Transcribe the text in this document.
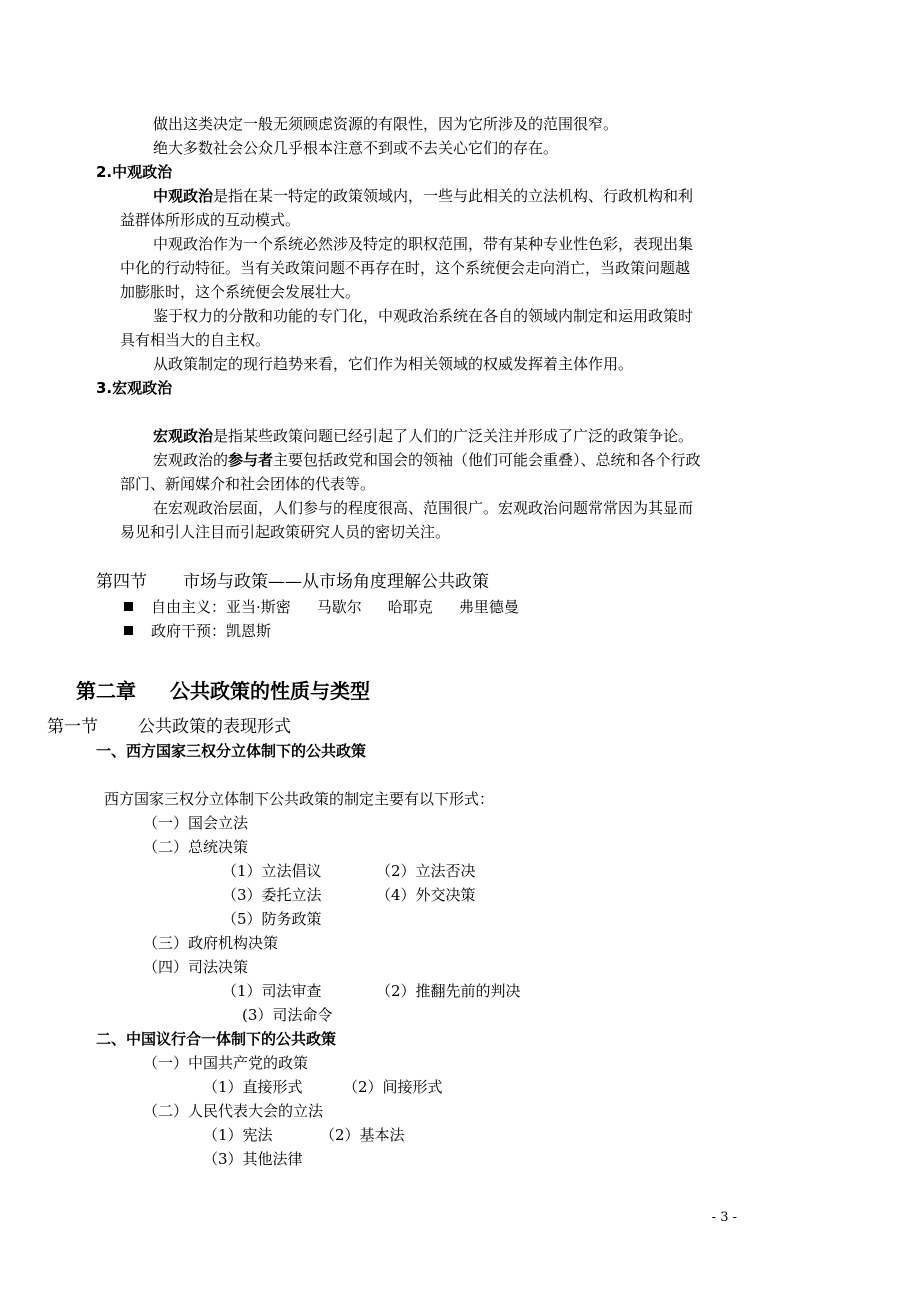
做出这类决定一般无须顾虑资源的有限性，因为它所涉及的范围很窄。
绝大多数社会公众几乎根本注意不到或不去关心它们的存在。
2.中观政治
中观政治是指在某一特定的政策领域内，一些与此相关的立法机构、行政机构和利
益群体所形成的互动模式。
中观政治作为一个系统必然涉及特定的职权范围，带有某种专业性色彩，表现出集
中化的行动特征。当有关政策问题不再存在时，这个系统便会走向消亡，当政策问题越
加膨胀时，这个系统便会发展壮大。
鉴于权力的分散和功能的专门化，中观政治系统在各自的领域内制定和运用政策时
具有相当大的自主权。
从政策制定的现行趋势来看，它们作为相关领域的权威发挥着主体作用。
3.宏观政治
宏观政治是指某些政策问题已经引起了人们的广泛关注并形成了广泛的政策争论。
宏观政治的参与者主要包括政党和国会的领袖（他们可能会重叠）、总统和各个行政
部门、新闻媒介和社会团体的代表等。
在宏观政治层面，人们参与的程度很高、范围很广。宏观政治问题常常因为其显而
易见和引人注目而引起政策研究人员的密切关注。
第四节 市场与政策——从市场角度理解公共政策
自由主义：亚当·斯密 马歇尔 哈耶克 弗里德曼
政府干预：凯恩斯
第二章 公共政策的性质与类型
第一节 公共政策的表现形式
一、西方国家三权分立体制下的公共政策
西方国家三权分立体制下公共政策的制定主要有以下形式：
（一）国会立法
（二）总统决策
（1）立法倡议	（2）立法否决
（3）委托立法	（4）外交决策
（5）防务政策
（三）政府机构决策
（四）司法决策
（1）司法审查	（2）推翻先前的判决
(3）司法命令
二、中国议行合一体制下的公共政策
（一）中国共产党的政策
（1）直接形式	（2）间接形式
（二）人民代表大会的立法
（1）宪法	（2）基本法
（3）其他法律
- 3 -
